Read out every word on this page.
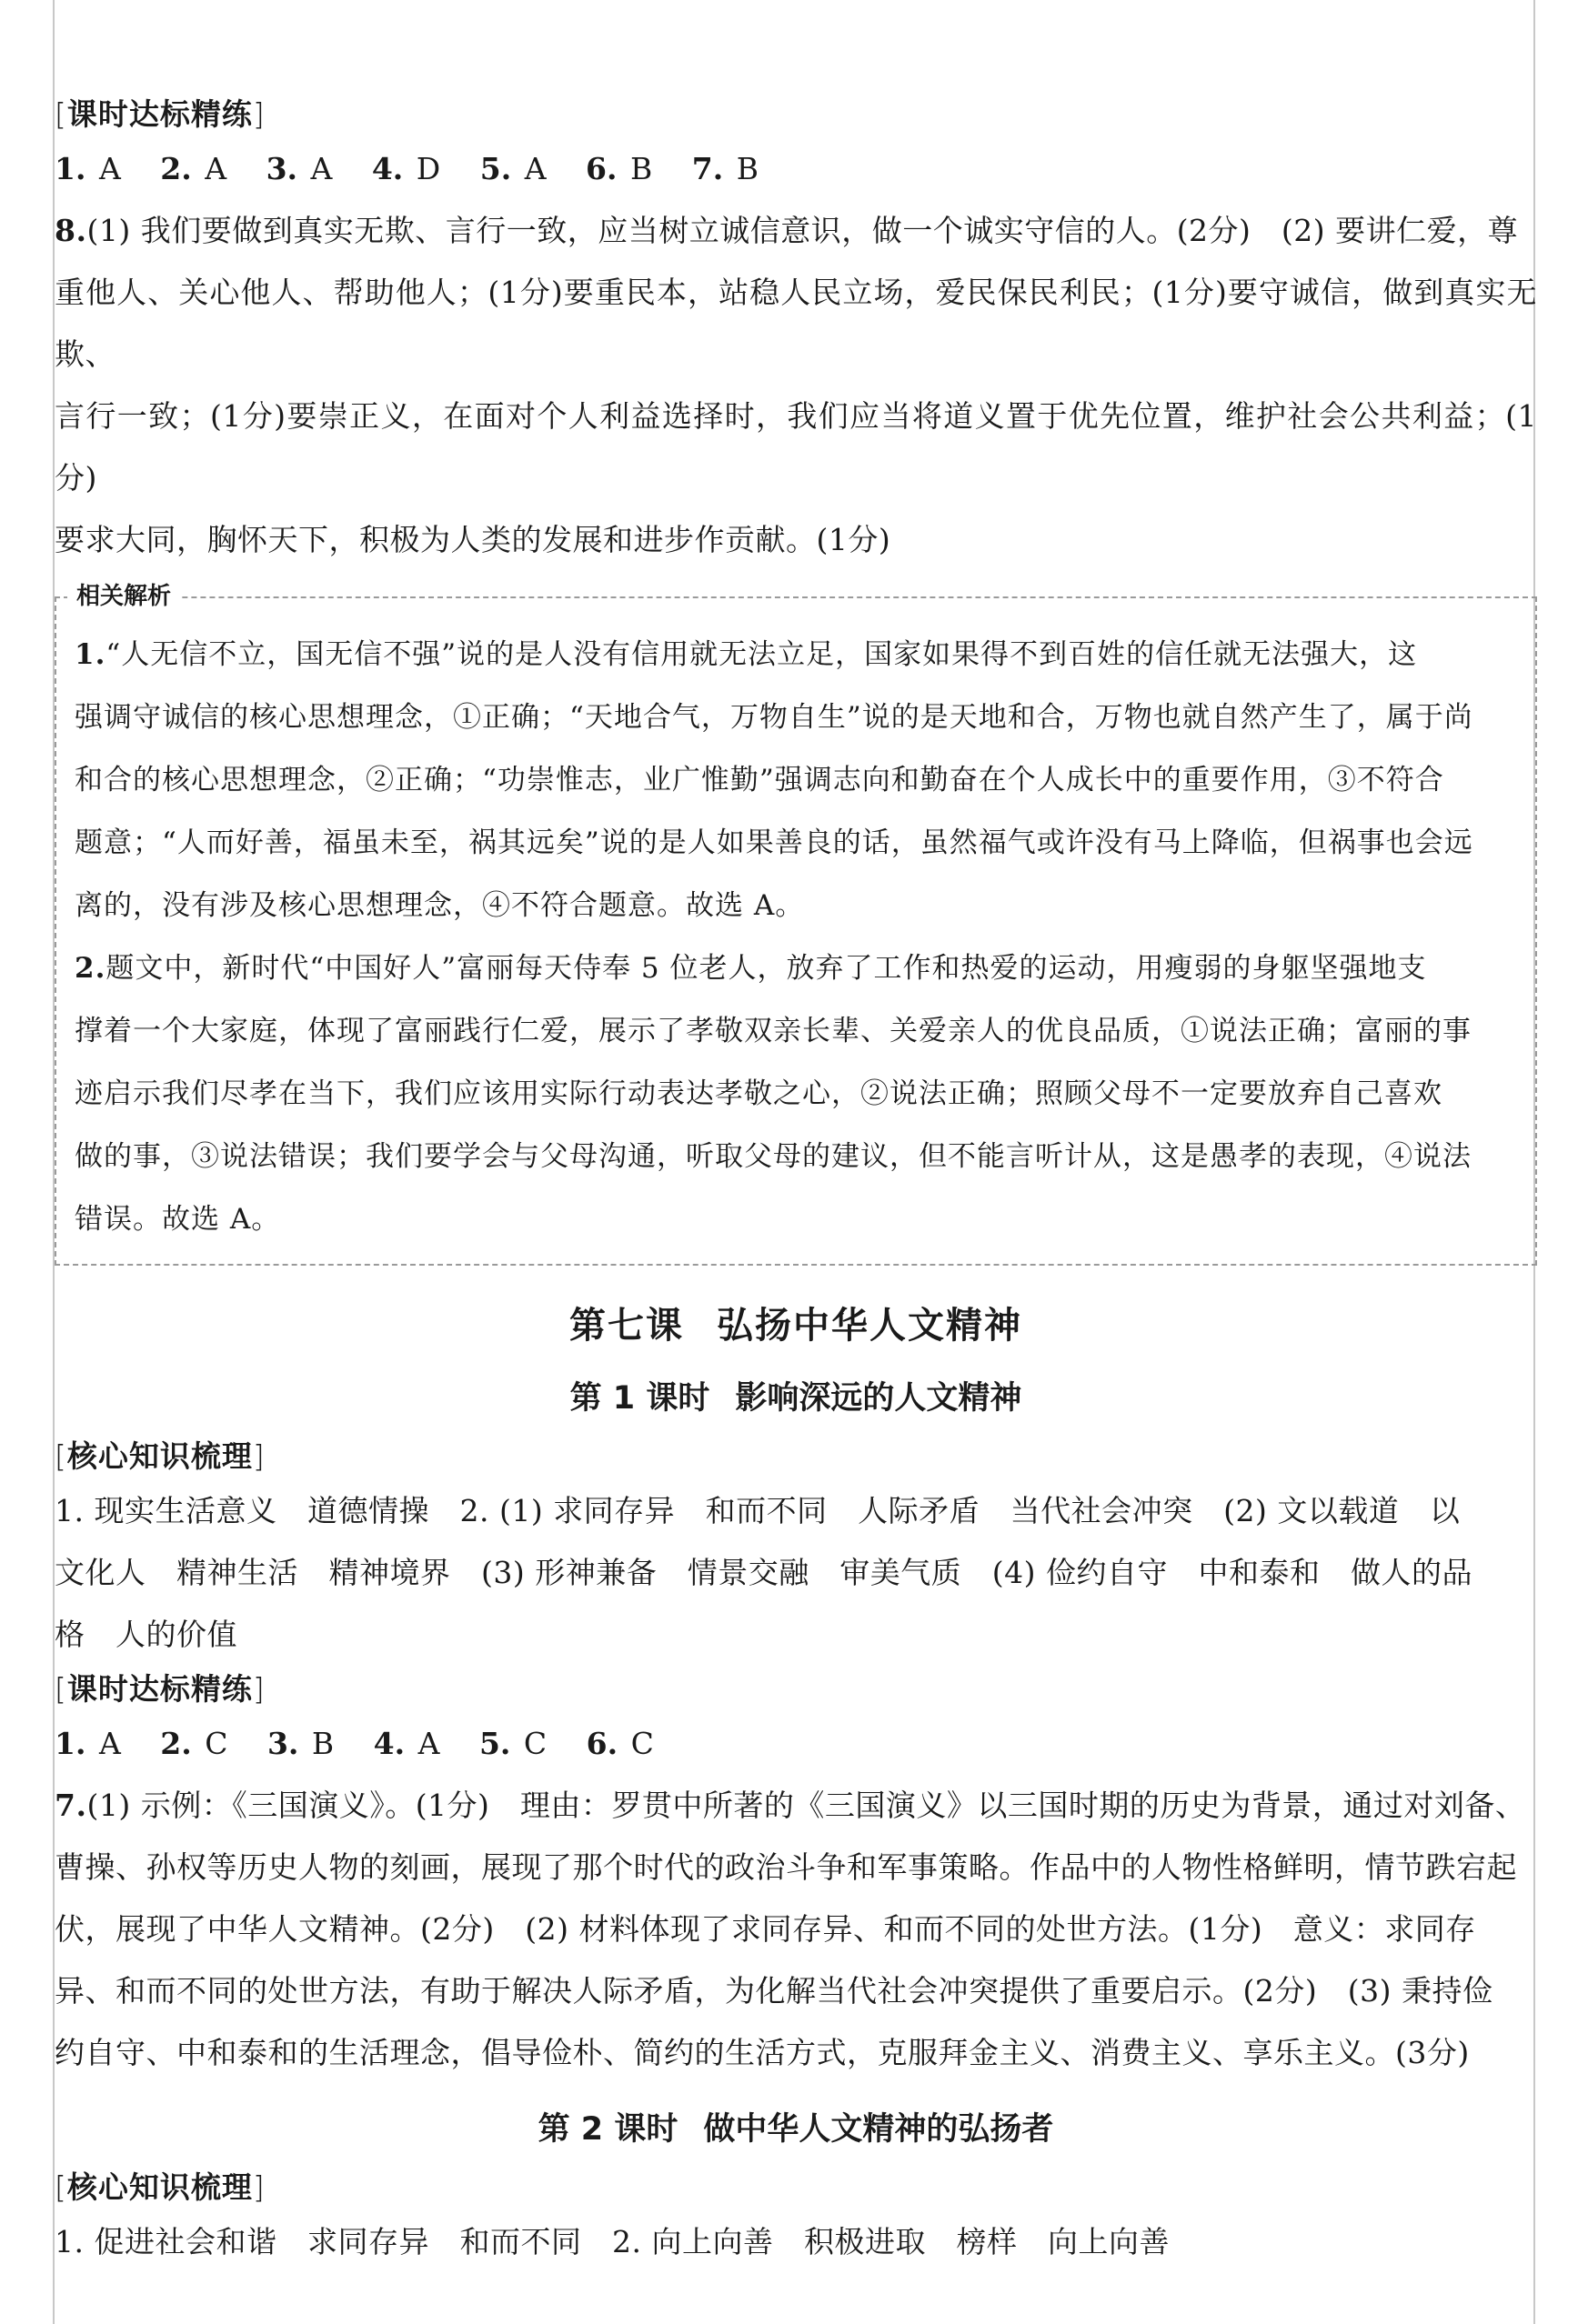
[课时达标精练]

1. A 2. A 3. A 4. D 5. A 6. B 7. B

8.(1) 我们要做到真实无欺、言行一致，应当树立诚信意识，做一个诚实守信的人。(2分)　(2) 要讲仁爱，尊

重他人、关心他人、帮助他人；(1分)要重民本，站稳人民立场，爱民保民利民；(1分)要守诚信，做到真实无欺、

言行一致；(1分)要崇正义，在面对个人利益选择时，我们应当将道义置于优先位置，维护社会公共利益；(1分)

要求大同，胸怀天下，积极为人类的发展和进步作贡献。(1分)

相关解析

1.“人无信不立，国无信不强”说的是人没有信用就无法立足，国家如果得不到百姓的信任就无法强大，这

强调守诚信的核心思想理念，①正确；“天地合气，万物自生”说的是天地和合，万物也就自然产生了，属于尚

和合的核心思想理念，②正确；“功崇惟志，业广惟勤”强调志向和勤奋在个人成长中的重要作用，③不符合

题意；“人而好善，福虽未至，祸其远矣”说的是人如果善良的话，虽然福气或许没有马上降临，但祸事也会远

离的，没有涉及核心思想理念，④不符合题意。故选 A。

2.题文中，新时代“中国好人”富丽每天侍奉 5 位老人，放弃了工作和热爱的运动，用瘦弱的身躯坚强地支

撑着一个大家庭，体现了富丽践行仁爱，展示了孝敬双亲长辈、关爱亲人的优良品质，①说法正确；富丽的事

迹启示我们尽孝在当下，我们应该用实际行动表达孝敬之心，②说法正确；照顾父母不一定要放弃自己喜欢

做的事，③说法错误；我们要学会与父母沟通，听取父母的建议，但不能言听计从，这是愚孝的表现，④说法

错误。故选 A。

第七课 弘扬中华人文精神
第 1 课时 影响深远的人文精神

[核心知识梳理]

1. 现实生活意义　道德情操　2. (1) 求同存异　和而不同　人际矛盾　当代社会冲突　(2) 文以载道　以

文化人　精神生活　精神境界　(3) 形神兼备　情景交融　审美气质　(4) 俭约自守　中和泰和　做人的品

格　人的价值

[课时达标精练]

1. A 2. C 3. B 4. A 5. C 6. C

7.(1) 示例：《三国演义》。(1分)　理由：罗贯中所著的《三国演义》以三国时期的历史为背景，通过对刘备、

曹操、孙权等历史人物的刻画，展现了那个时代的政治斗争和军事策略。作品中的人物性格鲜明，情节跌宕起

伏，展现了中华人文精神。(2分)　(2) 材料体现了求同存异、和而不同的处世方法。(1分)　意义：求同存

异、和而不同的处世方法，有助于解决人际矛盾，为化解当代社会冲突提供了重要启示。(2分)　(3) 秉持俭

约自守、中和泰和的生活理念，倡导俭朴、简约的生活方式，克服拜金主义、消费主义、享乐主义。(3分)

第 2 课时 做中华人文精神的弘扬者

[核心知识梳理]

1. 促进社会和谐　求同存异　和而不同　2. 向上向善　积极进取　榜样　向上向善
